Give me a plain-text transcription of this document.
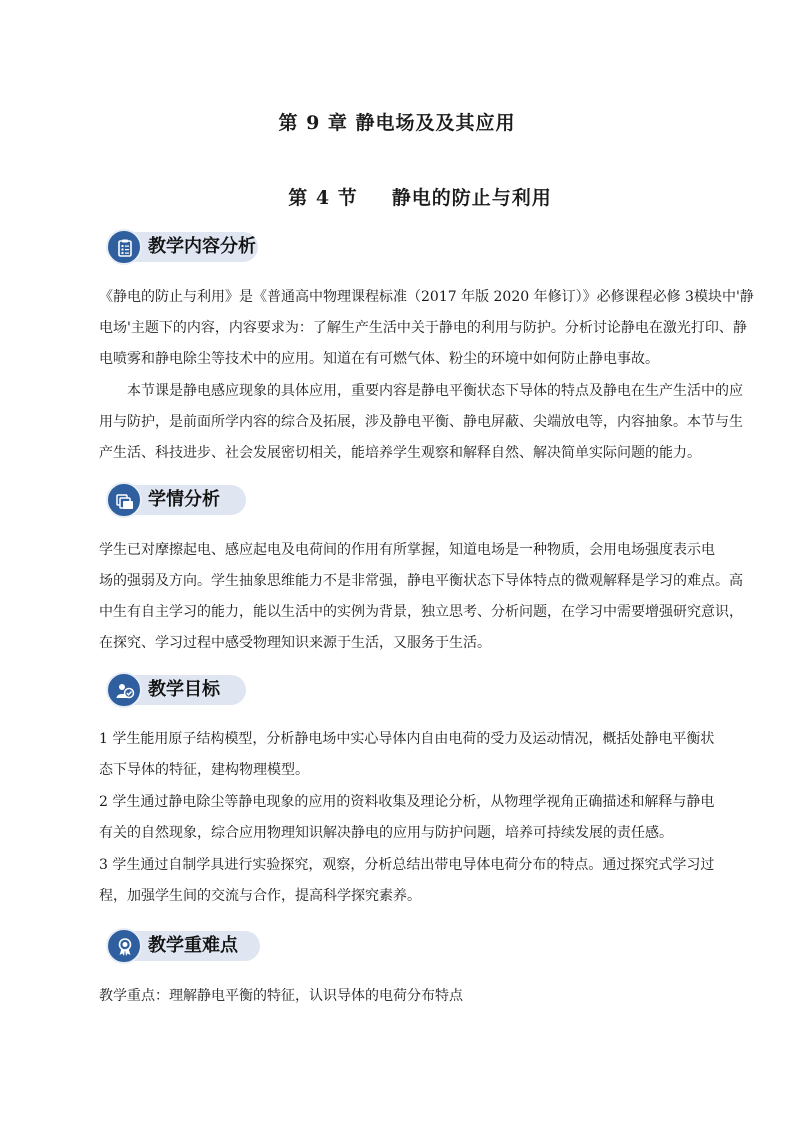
第 9 章 静电场及及其应用
第 4 节 静电的防止与利用
教学内容分析

《静电的防止与利用》是《普通高中物理课程标准（2017 年版 2020 年修订）》必修课程必修 3模块中'静
电场'主题下的内容，内容要求为：了解生产生活中关于静电的利用与防护。分析讨论静电在激光打印、静
电喷雾和静电除尘等技术中的应用。知道在有可燃气体、粉尘的环境中如何防止静电事故。

本节课是静电感应现象的具体应用，重要内容是静电平衡状态下导体的特点及静电在生产生活中的应
用与防护，是前面所学内容的综合及拓展，涉及静电平衡、静电屏蔽、尖端放电等，内容抽象。本节与生
产生活、科技进步、社会发展密切相关，能培养学生观察和解释自然、解决简单实际问题的能力。

学情分析

学生已对摩擦起电、感应起电及电荷间的作用有所掌握，知道电场是一种物质，会用电场强度表示电
场的强弱及方向。学生抽象思维能力不是非常强，静电平衡状态下导体特点的微观解释是学习的难点。高
中生有自主学习的能力，能以生活中的实例为背景，独立思考、分析问题，在学习中需要增强研究意识，
在探究、学习过程中感受物理知识来源于生活，又服务于生活。

教学目标

1 学生能用原子结构模型，分析静电场中实心导体内自由电荷的受力及运动情况，概括处静电平衡状
态下导体的特征，建构物理模型。

2 学生通过静电除尘等静电现象的应用的资料收集及理论分析，从物理学视角正确描述和解释与静电
有关的自然现象，综合应用物理知识解决静电的应用与防护问题，培养可持续发展的责任感。

3 学生通过自制学具进行实验探究，观察，分析总结出带电导体电荷分布的特点。通过探究式学习过
程，加强学生间的交流与合作，提高科学探究素养。

教学重难点

教学重点：理解静电平衡的特征，认识导体的电荷分布特点
